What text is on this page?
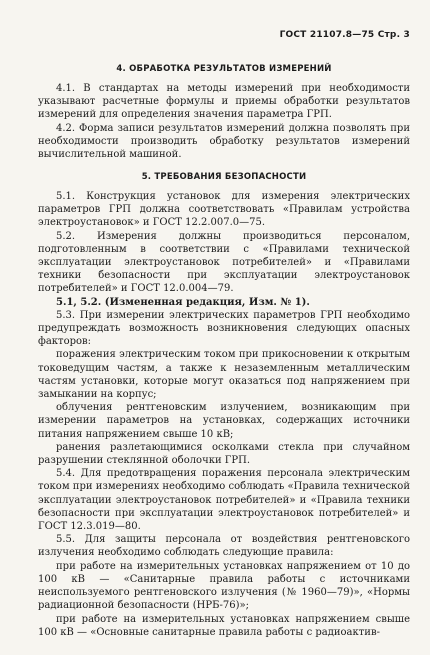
ГОСТ 21107.8—75 Стр. 3
4. ОБРАБОТКА РЕЗУЛЬТАТОВ ИЗМЕРЕНИЙ

4.1. В стандартах на методы измерений при необходимости указывают расчетные формулы и приемы обработки результатов измерений для определения значения параметра ГРП.

4.2. Форма записи результатов измерений должна позволять при необходимости производить обработку результатов измерений вычислительной машиной.

5. ТРЕБОВАНИЯ БЕЗОПАСНОСТИ

5.1. Конструкция установок для измерения электрических параметров ГРП должна соответствовать «Правилам устройства электроустановок» и ГОСТ 12.2.007.0—75.

5.2. Измерения должны производиться персоналом, подготовленным в соответствии с «Правилами технической эксплуатации электроустановок потребителей» и «Правилами техники безопасности при эксплуатации электроустановок потребителей» и ГОСТ 12.0.004—79.

5.1, 5.2. (Измененная редакция, Изм. № 1).

5.3. При измерении электрических параметров ГРП необходимо предупреждать возможность возникновения следующих опасных факторов:

поражения электрическим током при прикосновении к открытым токоведущим частям, а также к незаземленным металлическим частям установки, которые могут оказаться под напряжением при замыкании на корпус;

облучения рентгеновским излучением, возникающим при измерении параметров на установках, содержащих источники питания напряжением свыше 10 кВ;

ранения разлетающимися осколками стекла при случайном разрушении стеклянной оболочки ГРП.

5.4. Для предотвращения поражения персонала электрическим током при измерениях необходимо соблюдать «Правила технической эксплуатации электроустановок потребителей» и «Правила техники безопасности при эксплуатации электроустановок потребителей» и ГОСТ 12.3.019—80.

5.5. Для защиты персонала от воздействия рентгеновского излучения необходимо соблюдать следующие правила:

при работе на измерительных установках напряжением от 10 до 100 кВ — «Санитарные правила работы с источниками неиспользуемого рентгеновского излучения (№ 1960—79)», «Нормы радиационной безопасности (НРБ-76)»;

при работе на измерительных установках напряжением свыше 100 кВ — «Основные санитарные правила работы с радиоактив-
